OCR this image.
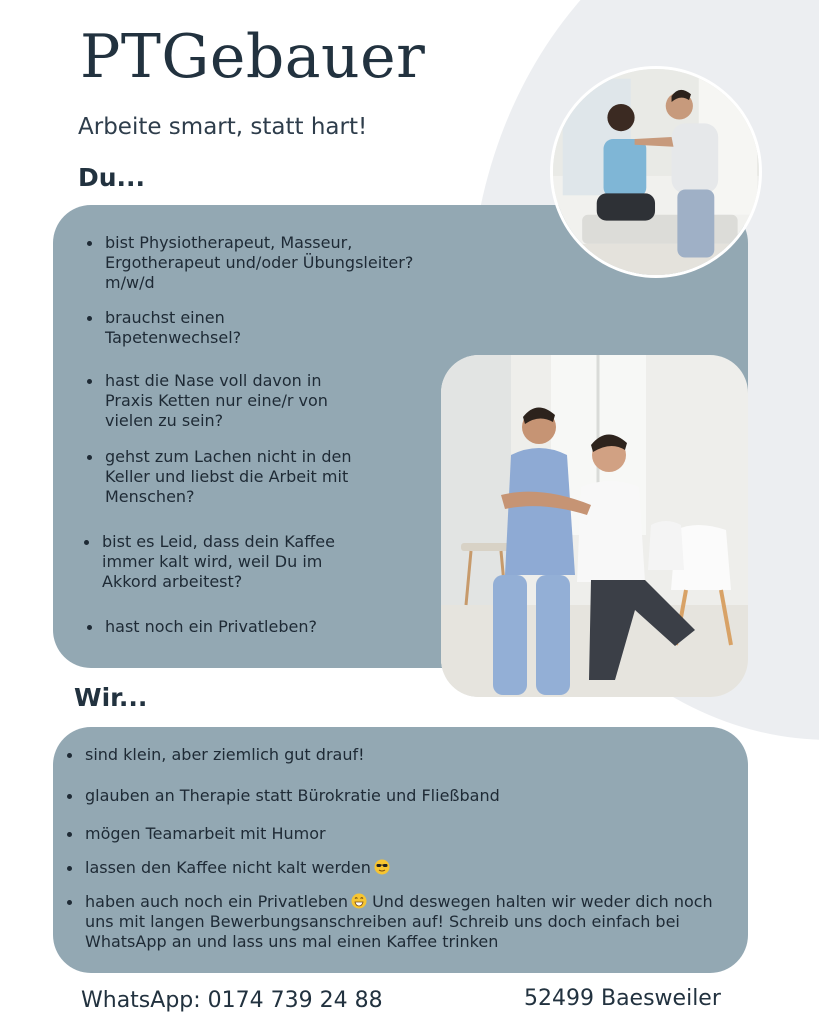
PTGebauer

Arbeite smart, statt hart!

Du...
bist Physiotherapeut, Masseur, Ergotherapeut und/oder Übungsleiter? m/w/d
brauchst einen Tapetenwechsel?
hast die Nase voll davon in Praxis Ketten nur eine/r von vielen zu sein?
gehst zum Lachen nicht in den Keller und liebst die Arbeit mit Menschen?
bist es Leid, dass dein Kaffee immer kalt wird, weil Du im Akkord arbeitest?
hast noch ein Privatleben?
Wir...
sind klein, aber ziemlich gut drauf!
glauben an Therapie statt Bürokratie und Fließband
mögen Teamarbeit mit Humor
lassen den Kaffee nicht kalt werden
haben auch noch ein Privatleben Und deswegen halten wir weder dich noch uns mit langen Bewerbungsanschreiben auf! Schreib uns doch einfach bei WhatsApp an und lass uns mal einen Kaffee trinken

WhatsApp: 0174 739 24 88	52499 Baesweiler
